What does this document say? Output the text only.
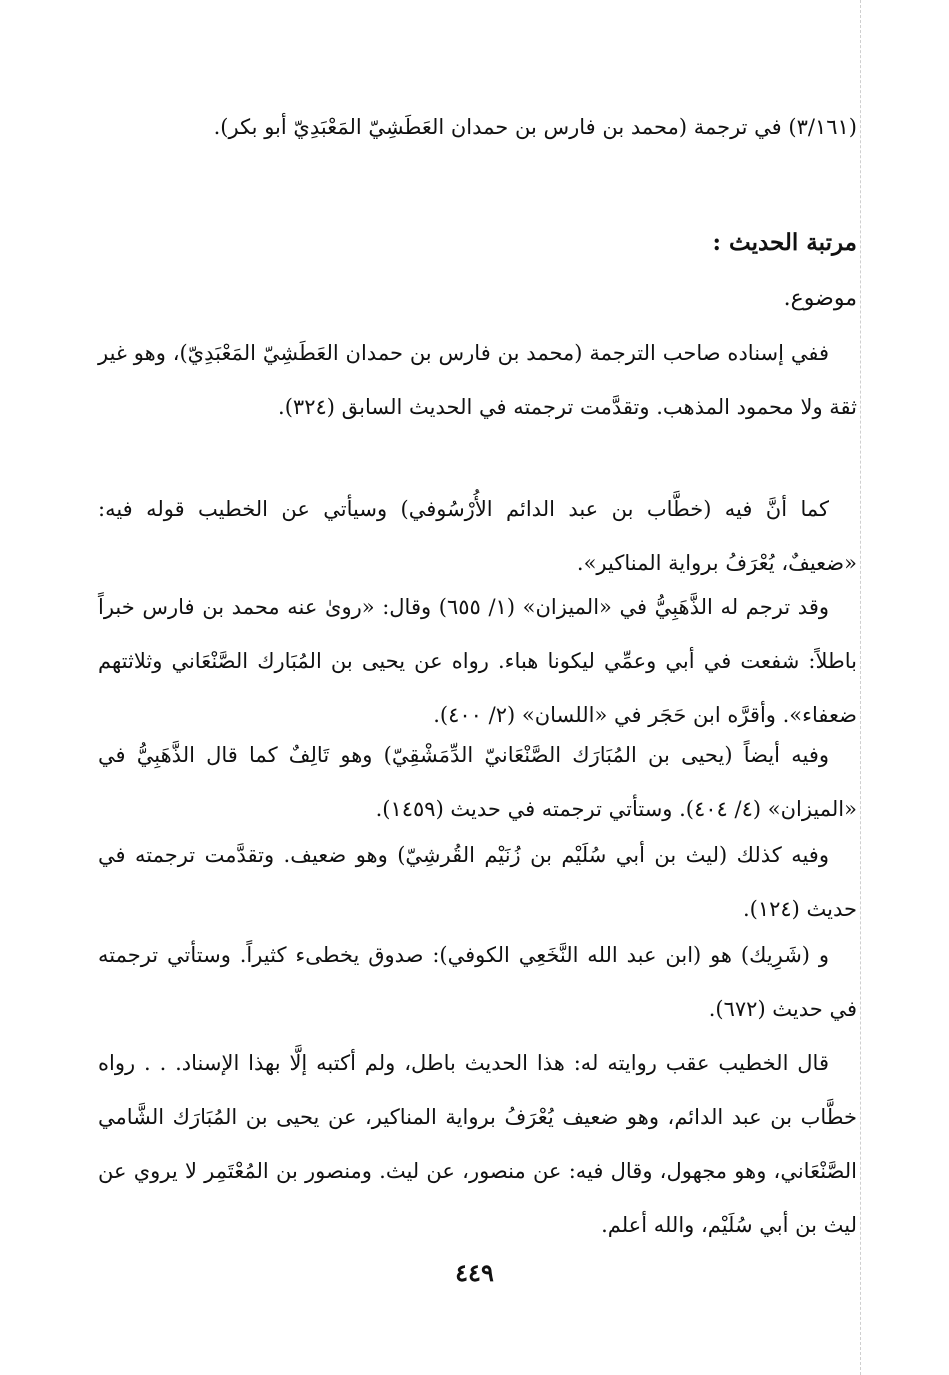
(٣/١٦١) في ترجمة (محمد بن فارس بن حمدان العَطَشِيّ المَعْبَدِيّ أبو بكر).

مرتبة الحديث :

موضوع.

ففي إسناده صاحب الترجمة (محمد بن فارس بن حمدان العَطَشِيّ المَعْبَدِيّ)، وهو غير ثقة ولا محمود المذهب. وتقدَّمت ترجمته في الحديث السابق (٣٢٤).

كما أنَّ فيه (خطَّاب بن عبد الدائم الأُرْسُوفي) وسيأتي عن الخطيب قوله فيه: «ضعيفٌ، يُعْرَفُ برواية المناكير».

وقد ترجم له الذَّهَبِيُّ في «الميزان» (١/ ٦٥٥) وقال: «روىٰ عنه محمد بن فارس خبراً باطلاً: شفعت في أبي وعمِّي ليكونا هباء. رواه عن يحيى بن المُبَارك الصَّنْعَاني وثلاثتهم ضعفاء». وأقرَّه ابن حَجَر في «اللسان» (٢/ ٤٠٠).

وفيه أيضاً (يحيى بن المُبَارَك الصَّنْعَانيّ الدِّمَشْقِيّ) وهو تَالِفٌ كما قال الذَّهَبِيُّ في «الميزان» (٤/ ٤٠٤). وستأتي ترجمته في حديث (١٤٥٩).

وفيه كذلك (ليث بن أبي سُلَيْم بن زُنَيْم القُرشِيّ) وهو ضعيف. وتقدَّمت ترجمته في حديث (١٢٤).

و (شَرِيك) هو (ابن عبد الله النَّخَعِي الكوفي): صدوق يخطىء كثيراً. وستأتي ترجمته في حديث (٦٧٢).

قال الخطيب عقب روايته له: هذا الحديث باطل، ولم أكتبه إلَّا بهذا الإسناد. . . رواه خطَّاب بن عبد الدائم، وهو ضعيف يُعْرَفُ برواية المناكير، عن يحيى بن المُبَارَك الشَّامي الصَّنْعَاني، وهو مجهول، وقال فيه: عن منصور، عن ليث. ومنصور بن المُعْتَمِر لا يروي عن ليث بن أبي سُلَيْم، والله أعلم.

٤٤٩
